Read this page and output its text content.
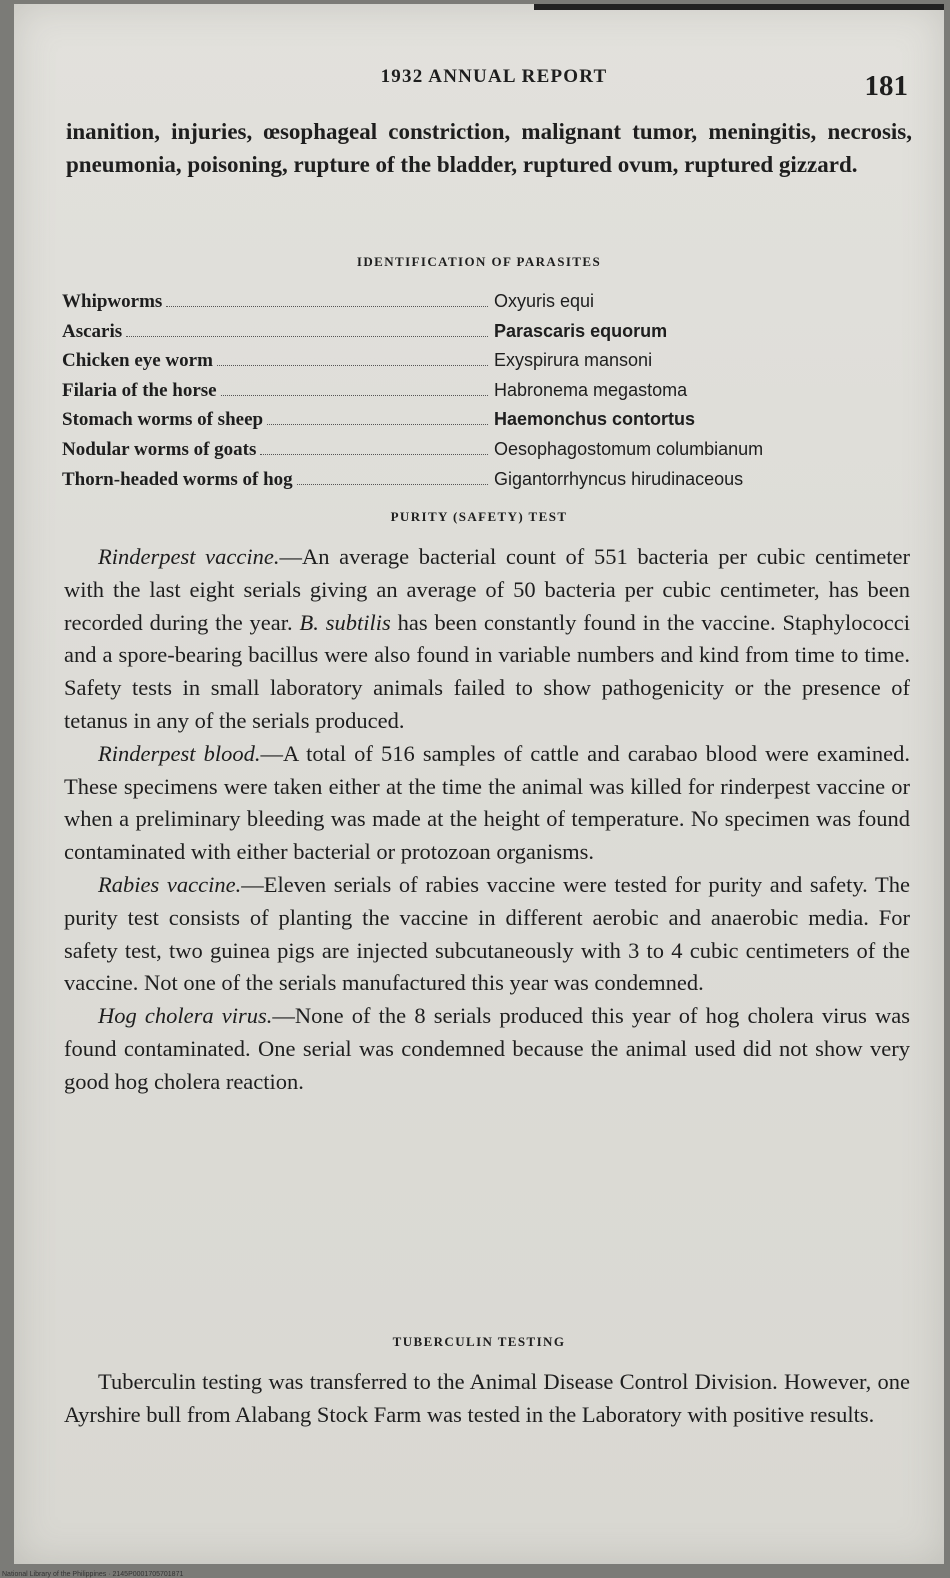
1932 ANNUAL REPORT	181

inanition, injuries, œsophageal constriction, malignant tumor, meningitis, necrosis, pneumonia, poisoning, rupture of the bladder, ruptured ovum, ruptured gizzard.

IDENTIFICATION OF PARASITES
Whipworms	Oxyuris equi
Ascaris	Parascaris equorum
Chicken eye worm	Exyspirura mansoni
Filaria of the horse	Habronema megastoma
Stomach worms of sheep	Haemonchus contortus
Nodular worms of goats	Oesophagostomum columbianum
Thorn-headed worms of hog	Gigantorrhyncus hirudinaceous
PURITY (SAFETY) TEST

Rinderpest vaccine.—An average bacterial count of 551 bacteria per cubic centimeter with the last eight serials giving an average of 50 bacteria per cubic centimeter, has been recorded during the year. B. subtilis has been constantly found in the vaccine. Staphylococci and a spore-bearing bacillus were also found in variable numbers and kind from time to time. Safety tests in small laboratory animals failed to show pathogenicity or the presence of tetanus in any of the serials produced.

Rinderpest blood.—A total of 516 samples of cattle and carabao blood were examined. These specimens were taken either at the time the animal was killed for rinderpest vaccine or when a preliminary bleeding was made at the height of temperature. No specimen was found contaminated with either bacterial or protozoan organisms.

Rabies vaccine.—Eleven serials of rabies vaccine were tested for purity and safety. The purity test consists of planting the vaccine in different aerobic and anaerobic media. For safety test, two guinea pigs are injected subcutaneously with 3 to 4 cubic centimeters of the vaccine. Not one of the serials manufactured this year was condemned.

Hog cholera virus.—None of the 8 serials produced this year of hog cholera virus was found contaminated. One serial was condemned because the animal used did not show very good hog cholera reaction.

TUBERCULIN TESTING

Tuberculin testing was transferred to the Animal Disease Control Division. However, one Ayrshire bull from Alabang Stock Farm was tested in the Laboratory with positive results.

National Library of the Philippines · 2145P0001705701871
